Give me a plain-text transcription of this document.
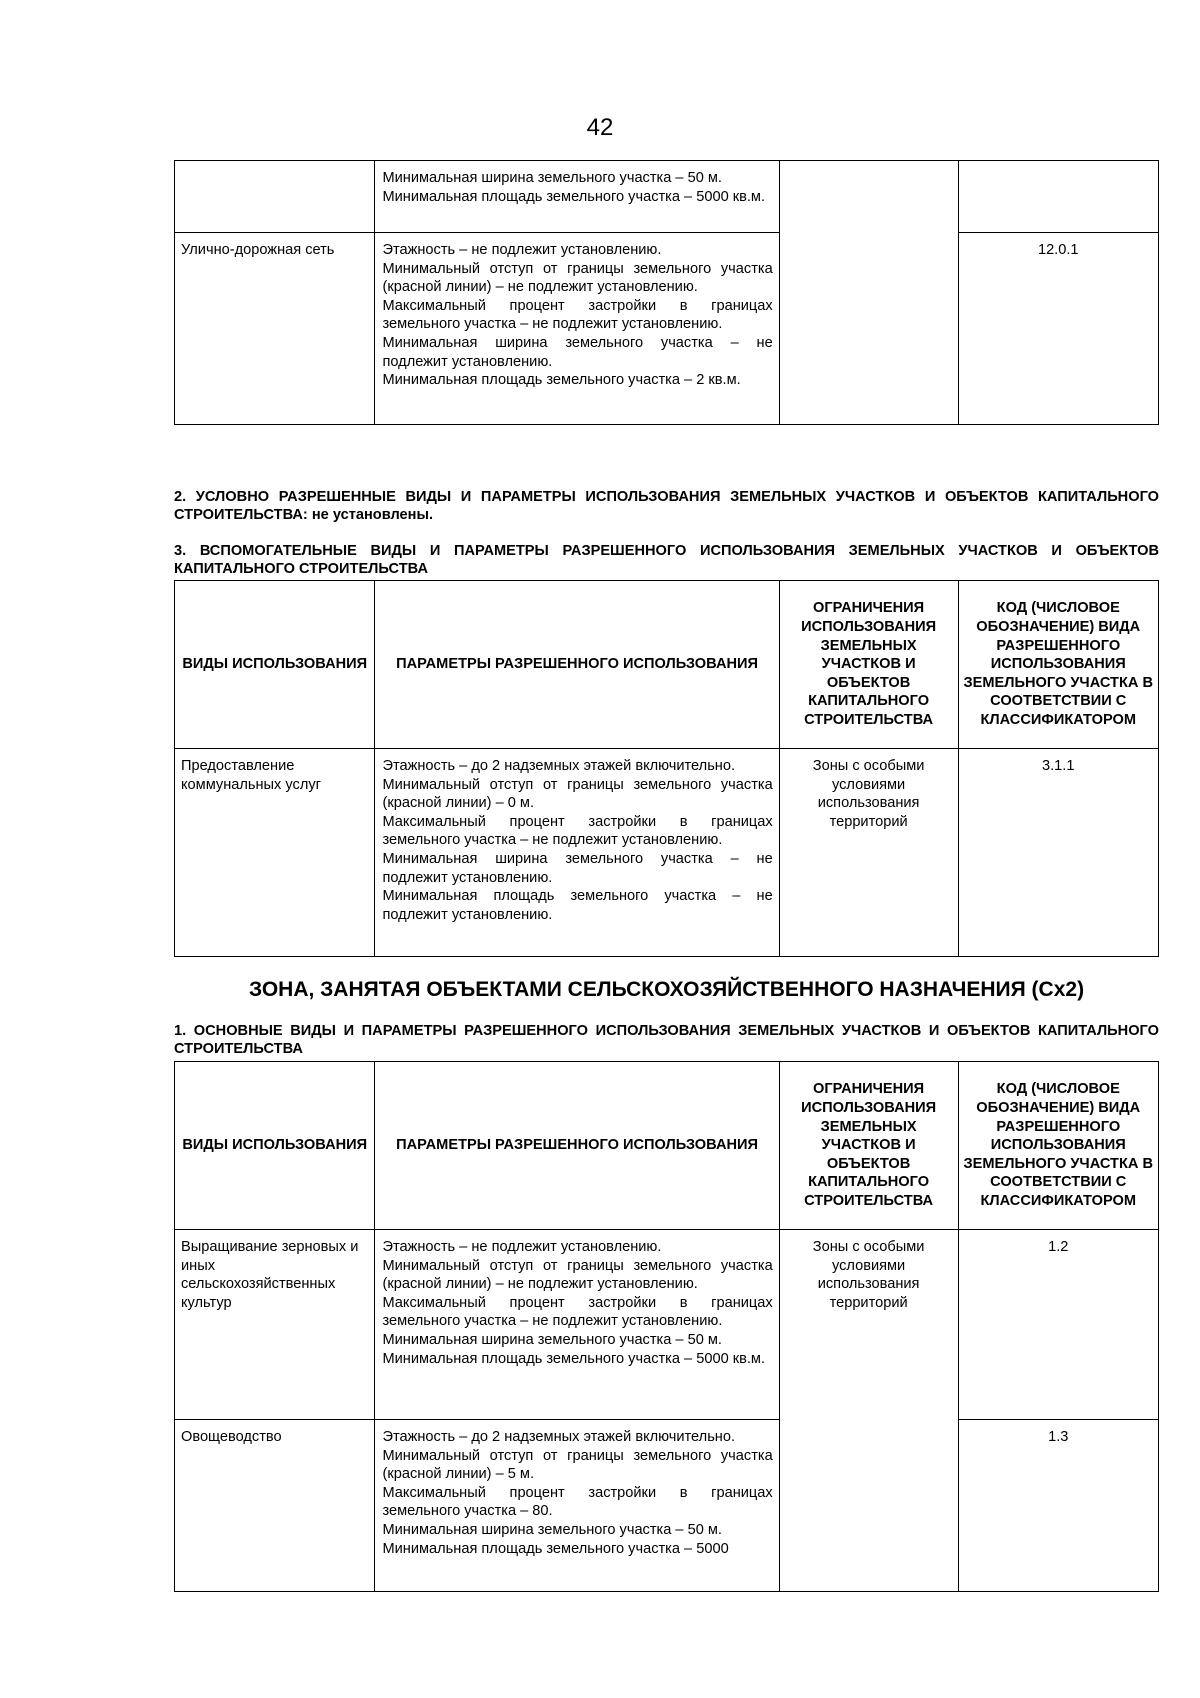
42

	Минимальная ширина земельного участка – 50 м.
Минимальная площадь земельного участка – 5000 кв.м.		

Улично-дорожная сеть	Этажность – не подлежит установлению.
Минимальный отступ от границы земельного участка (красной линии) – не подлежит установлению.
Максимальный процент застройки в границах земельного участка – не подлежит установлению.
Минимальная ширина земельного участка – не подлежит установлению.
Минимальная площадь земельного участка – 2 кв.м.		12.0.1
2. УСЛОВНО РАЗРЕШЕННЫЕ ВИДЫ И ПАРАМЕТРЫ ИСПОЛЬЗОВАНИЯ ЗЕМЕЛЬНЫХ УЧАСТКОВ И ОБЪЕКТОВ КАПИТАЛЬНОГО СТРОИТЕЛЬСТВА: не установлены.
3. ВСПОМОГАТЕЛЬНЫЕ ВИДЫ И ПАРАМЕТРЫ РАЗРЕШЕННОГО ИСПОЛЬЗОВАНИЯ ЗЕМЕЛЬНЫХ УЧАСТКОВ И ОБЪЕКТОВ КАПИТАЛЬНОГО СТРОИТЕЛЬСТВА
ВИДЫ ИСПОЛЬЗОВАНИЯ	ПАРАМЕТРЫ РАЗРЕШЕННОГО ИСПОЛЬЗОВАНИЯ	ОГРАНИЧЕНИЯ ИСПОЛЬЗОВАНИЯ ЗЕМЕЛЬНЫХ УЧАСТКОВ И ОБЪЕКТОВ КАПИТАЛЬНОГО СТРОИТЕЛЬСТВА	КОД (ЧИСЛОВОЕ ОБОЗНАЧЕНИЕ) ВИДА РАЗРЕШЕННОГО ИСПОЛЬЗОВАНИЯ ЗЕМЕЛЬНОГО УЧАСТКА В СООТВЕТСТВИИ С КЛАССИФИКАТОРОМ
Предоставление коммунальных услуг	Этажность – до 2 надземных этажей включительно.
Минимальный отступ от границы земельного участка (красной линии) – 0 м.
Максимальный процент застройки в границах земельного участка – не подлежит установлению.
Минимальная ширина земельного участка – не подлежит установлению.
Минимальная площадь земельного участка – не подлежит установлению.	Зоны с особыми условиями использования территорий	3.1.1
ЗОНА, ЗАНЯТАЯ ОБЪЕКТАМИ СЕЛЬСКОХОЗЯЙСТВЕННОГО НАЗНАЧЕНИЯ (Сх2)
1. ОСНОВНЫЕ ВИДЫ И ПАРАМЕТРЫ РАЗРЕШЕННОГО ИСПОЛЬЗОВАНИЯ ЗЕМЕЛЬНЫХ УЧАСТКОВ И ОБЪЕКТОВ КАПИТАЛЬНОГО СТРОИТЕЛЬСТВА
ВИДЫ ИСПОЛЬЗОВАНИЯ	ПАРАМЕТРЫ РАЗРЕШЕННОГО ИСПОЛЬЗОВАНИЯ	ОГРАНИЧЕНИЯ ИСПОЛЬЗОВАНИЯ ЗЕМЕЛЬНЫХ УЧАСТКОВ И ОБЪЕКТОВ КАПИТАЛЬНОГО СТРОИТЕЛЬСТВА	КОД (ЧИСЛОВОЕ ОБОЗНАЧЕНИЕ) ВИДА РАЗРЕШЕННОГО ИСПОЛЬЗОВАНИЯ ЗЕМЕЛЬНОГО УЧАСТКА В СООТВЕТСТВИИ С КЛАССИФИКАТОРОМ
Выращивание зерновых и иных сельскохозяйственных культур	Этажность – не подлежит установлению.
Минимальный отступ от границы земельного участка (красной линии) – не подлежит установлению.
Максимальный процент застройки в границах земельного участка – не подлежит установлению.
Минимальная ширина земельного участка – 50 м.
Минимальная площадь земельного участка – 5000 кв.м.	Зоны с особыми условиями использования территорий	1.2
Овощеводство	Этажность – до 2 надземных этажей включительно.
Минимальный отступ от границы земельного участка (красной линии) – 5 м.
Максимальный процент застройки в границах земельного участка – 80.
Минимальная ширина земельного участка – 50 м.
Минимальная площадь земельного участка – 5000		1.3
